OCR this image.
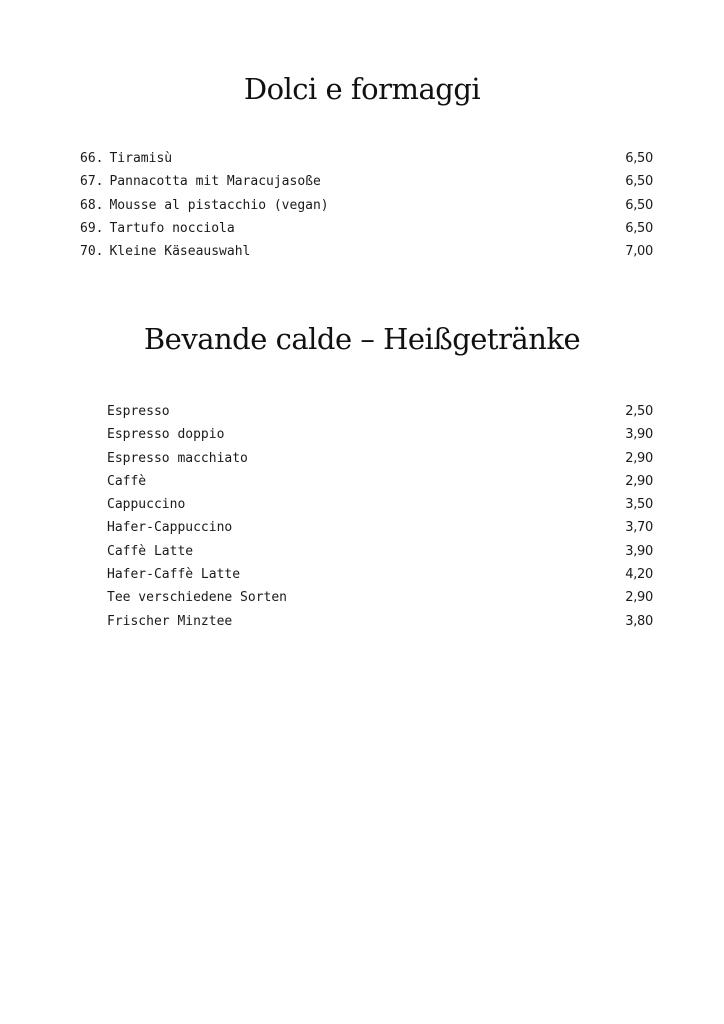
Dolci e formaggi
66. Tiramisù	6,50
67. Pannacotta mit Maracujasoße	6,50
68. Mousse al pistacchio (vegan)	6,50
69. Tartufo nocciola	6,50
70. Kleine Käseauswahl	7,00
Bevande calde – Heißgetränke
Espresso	2,50
Espresso doppio	3,90
Espresso macchiato	2,90
Caffè	2,90
Cappuccino	3,50
Hafer-Cappuccino	3,70
Caffè Latte	3,90
Hafer-Caffè Latte	4,20
Tee verschiedene Sorten	2,90
Frischer Minztee	3,80
